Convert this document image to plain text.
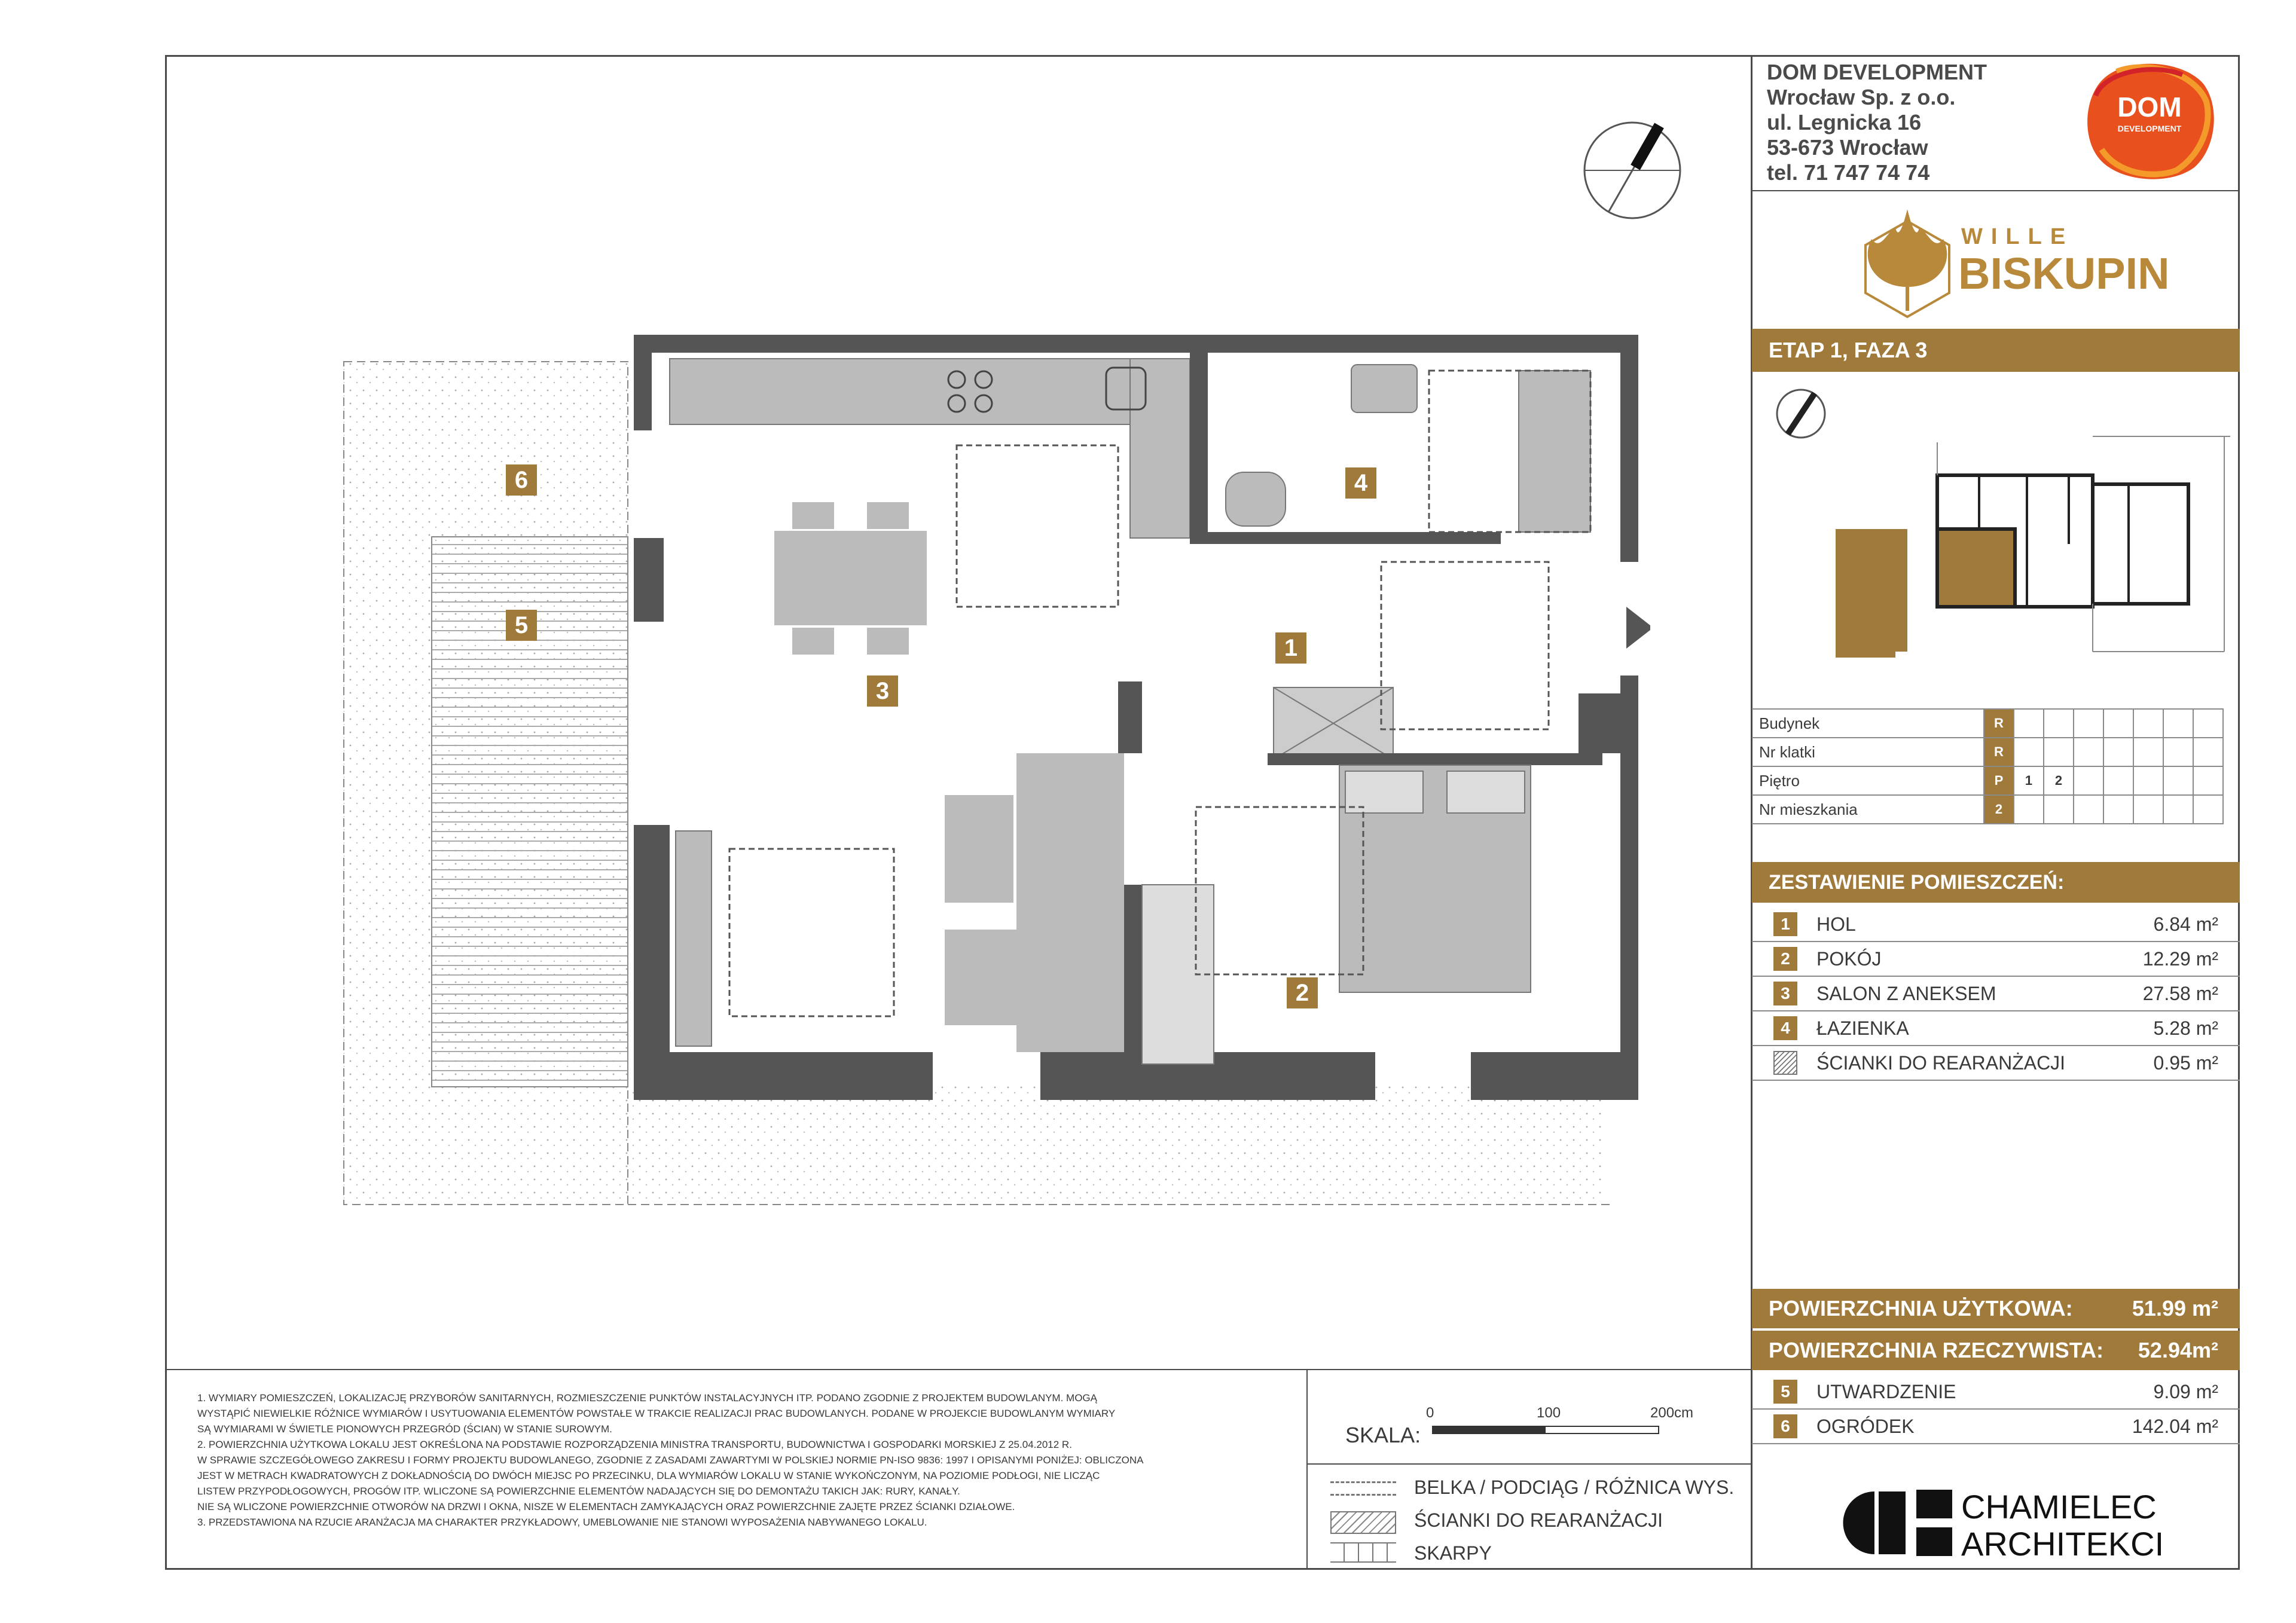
DOM DEVELOPMENT
Wrocław Sp. z o.o.
ul. Legnicka 16
53-673 Wrocław
tel. 71 747 74 74
DOM
DEVELOPMENT
WILLE
BISKUPIN
ETAP 1, FAZA 3
Budynek	R							
Nr klatki	R							
Piętro	P	1	2					
Nr mieszkania	2							
ZESTAWIENIE POMIESZCZEŃ:
1	HOL	6.84 m²
2	POKÓJ	12.29 m²
3	SALON Z ANEKSEM	27.58 m²
4	ŁAZIENKA	5.28 m²
ŚCIANKI DO REARANŻACJI	0.95 m²
POWIERZCHNIA UŻYTKOWA:	51.99 m²
POWIERZCHNIA RZECZYWISTA: 52.94m²
5	UTWARDZENIE	9.09 m²
6	OGRÓDEK	142.04 m²
CHAMIELEC
ARCHITEKCI

1. WYMIARY POMIESZCZEŃ, LOKALIZACJĘ PRZYBORÓW SANITARNYCH, ROZMIESZCZENIE PUNKTÓW INSTALACYJNYCH ITP. PODANO ZGODNIE Z PROJEKTEM BUDOWLANYM. MOGĄ

WYSTĄPIĆ NIEWIELKIE RÓŻNICE WYMIARÓW I USYTUOWANIA ELEMENTÓW POWSTAŁE W TRAKCIE REALIZACJI PRAC BUDOWLANYCH. PODANE W PROJEKCIE BUDOWLANYM WYMIARY

SĄ WYMIARAMI W ŚWIETLE PIONOWYCH PRZEGRÓD (ŚCIAN) W STANIE SUROWYM.

2. POWIERZCHNIA UŻYTKOWA LOKALU JEST OKREŚLONA NA PODSTAWIE ROZPORZĄDZENIA MINISTRA TRANSPORTU, BUDOWNICTWA I GOSPODARKI MORSKIEJ Z 25.04.2012 R.

W SPRAWIE SZCZEGÓŁOWEGO ZAKRESU I FORMY PROJEKTU BUDOWLANEGO, ZGODNIE Z ZASADAMI ZAWARTYMI W POLSKIEJ NORMIE PN-ISO 9836: 1997 I OPISANYMI PONIŻEJ: OBLICZONA

JEST W METRACH KWADRATOWYCH Z DOKŁADNOŚCIĄ DO DWÓCH MIEJSC PO PRZECINKU, DLA WYMIARÓW LOKALU W STANIE WYKOŃCZONYM, NA POZIOMIE PODŁOGI, NIE LICZĄC

LISTEW PRZYPODŁOGOWYCH, PROGÓW ITP. WLICZONE SĄ POWIERZCHNIE ELEMENTÓW NADAJĄCYCH SIĘ DO DEMONTAŻU TAKICH JAK: RURY, KANAŁY.

NIE SĄ WLICZONE POWIERZCHNIE OTWORÓW NA DRZWI I OKNA, NISZE W ELEMENTACH ZAMYKAJĄCYCH ORAZ POWIERZCHNIE ZAJĘTE PRZEZ ŚCIANKI DZIAŁOWE.

3. PRZEDSTAWIONA NA RZUCIE ARANŻACJA MA CHARAKTER PRZYKŁADOWY, UMEBLOWANIE NIE STANOWI WYPOSAŻENIA NABYWANEGO LOKALU.

SKALA:
0	100	200cm
BELKA / PODCIĄG / RÓŻNICA WYS.
ŚCIANKI DO REARANŻACJI
SKARPY
1
2
3
4
5
6
